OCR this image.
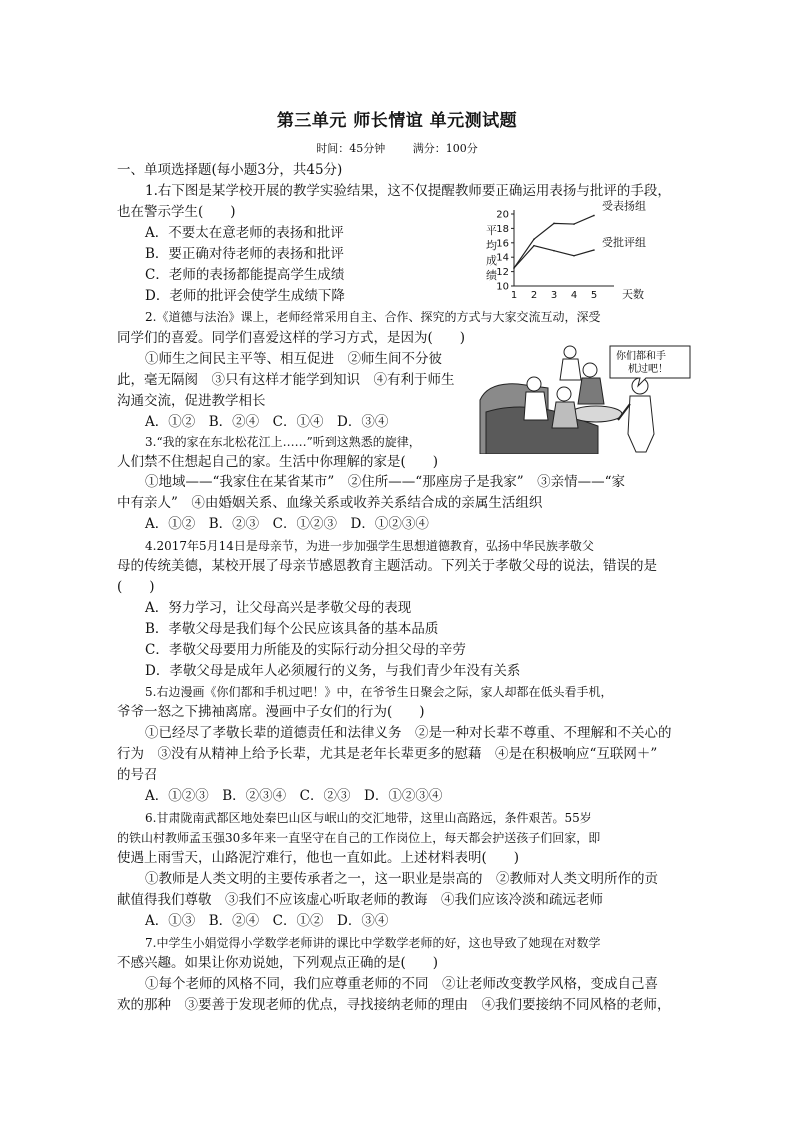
第三单元 师长情谊 单元测试题
时间：45分钟	满分：100分
一、单项选择题(每小题3分，共45分)
1.右下图是某学校开展的教学实验结果，这不仅提醒教师要正确运用表扬与批评的手段，
也在警示学生(　　)
A．不要太在意老师的表扬和批评
B．要正确对待老师的表扬和批评
C．老师的表扬都能提高学生成绩
D．老师的批评会使学生成绩下降
10
12
14
16
18
20
1 2 3 4 5 天数
平
均
成
绩
受表扬组
受批评组
2.《道德与法治》课上，老师经常采用自主、合作、探究的方式与大家交流互动，深受
同学们的喜爱。同学们喜爱这样的学习方式，是因为(　　)
①师生之间民主平等、相互促进　②师生间不分彼
此，毫无隔阂　③只有这样才能学到知识　④有利于师生
沟通交流，促进教学相长
A．①②　B．②④　C．①④　D．③④
你们都和手
机过吧！
3.“我的家在东北松花江上……”听到这熟悉的旋律，
人们禁不住想起自己的家。生活中你理解的家是(　　)
①地域——“我家住在某省某市”　②住所——“那座房子是我家”　③亲情——“家
中有亲人”　④由婚姻关系、血缘关系或收养关系结合成的亲属生活组织
A．①②　B．②③　C．①②③　D．①②③④
4.2017年5月14日是母亲节，为进一步加强学生思想道德教育，弘扬中华民族孝敬父
母的传统美德，某校开展了母亲节感恩教育主题活动。下列关于孝敬父母的说法，错误的是
(　　)
A．努力学习，让父母高兴是孝敬父母的表现
B．孝敬父母是我们每个公民应该具备的基本品质
C．孝敬父母要用力所能及的实际行动分担父母的辛劳
D．孝敬父母是成年人必须履行的义务，与我们青少年没有关系
5.右边漫画《你们都和手机过吧！》中，在爷爷生日聚会之际，家人却都在低头看手机，
爷爷一怒之下拂袖离席。漫画中子女们的行为(　　)
①已经尽了孝敬长辈的道德责任和法律义务　②是一种对长辈不尊重、不理解和不关心的
行为　③没有从精神上给予长辈，尤其是老年长辈更多的慰藉　④是在积极响应“互联网＋”
的号召
A．①②③　B．②③④　C．②③　D．①②③④
6.甘肃陇南武都区地处秦巴山区与岷山的交汇地带，这里山高路远，条件艰苦。55岁
的铁山村教师孟玉强30多年来一直坚守在自己的工作岗位上，每天都会护送孩子们回家，即
使遇上雨雪天，山路泥泞难行，他也一直如此。上述材料表明(　　)
①教师是人类文明的主要传承者之一，这一职业是崇高的　②教师对人类文明所作的贡
献值得我们尊敬　③我们不应该虚心听取老师的教诲　④我们应该冷淡和疏远老师
A．①③　B．②④　C．①②　D．③④
7.中学生小娟觉得小学数学老师讲的课比中学数学老师的好，这也导致了她现在对数学
不感兴趣。如果让你劝说她，下列观点正确的是(　　)
①每个老师的风格不同，我们应尊重老师的不同　②让老师改变教学风格，变成自己喜
欢的那种　③要善于发现老师的优点，寻找接纳老师的理由　④我们要接纳不同风格的老师，
